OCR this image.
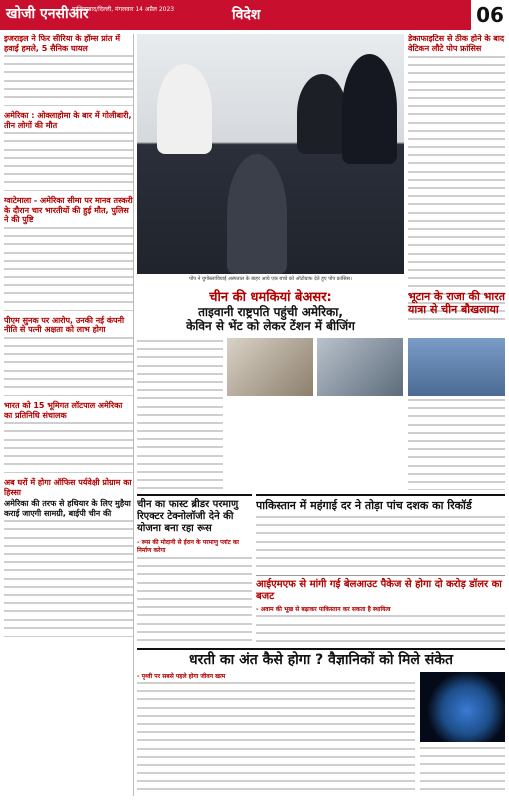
खोजी एनसीआर
गाजियाबाद/दिल्ली, मंगलवार 14 अप्रैल 2023	विदेश	06
इजराइल ने फिर सीरिया के हॉम्स प्रांत में हवाई हमले, 5 सैनिक घायल
अमेरिका : ओक्लाहोमा के बार में गोलीबारी, तीन लोगों की मौत
ग्वाटेमाला - अमेरिका सीमा पर मानव तस्करी के दौरान चार भारतीयों की हुई मौत, पुलिस ने की पुष्टि
पीएम सुनक पर आरोप, उनकी नई कंपनी नीति से पत्नी अक्षता को लाभ होगा
भारत को 15 भूमिगत लॉटपाल अमेरिका का प्रतिनिधि संचालक
अब घरों में होगा ऑफिस पर्यवेक्षी प्रोग्राम का हिस्सा
अमेरिका की तरफ से हथियार के लिए मुहैया कराई जाएगी सामग्री, बाईपी चीन की
पोप ने युगोस्लावियाई अस्पताल के बाहर आये एक बच्चे को ऑटोग्राफ देते हुए पोप फ्रांसिस।
डेकाफाइटिस से ठीक होने के बाद वेटिकन लौटे पोप फ्रांसिस
चीन की धमकियां बेअसर:
ताइवानी राष्ट्रपति पहुंची अमेरिका,
केविन से भेंट को लेकर टेंशन में बीजिंग
भूटान के राजा की भारत यात्रा से चीन बौखलाया
चीन का फास्ट ब्रीडर परमाणु रिएक्टर टेक्नोलॉजी देने की योजना बना रहा रूस
- रूस की मोदानी से ईरान के परमाणु प्लांट का निर्माण करेगा
पाकिस्तान में महंगाई दर ने तोड़ा पांच दशक का रिकॉर्ड
आईएमएफ से मांगी गई बेलआउट पैकेज से होगा दो करोड़ डॉलर का बजट
- अवाम की भूख से बढ़ाकर पाकिस्तान कर सकता है स्थायित्व
धरती का अंत कैसे होगा ? वैज्ञानिकों को मिले संकेत
- पृथ्वी पर सबसे पहले होगा जीवन खत्म
